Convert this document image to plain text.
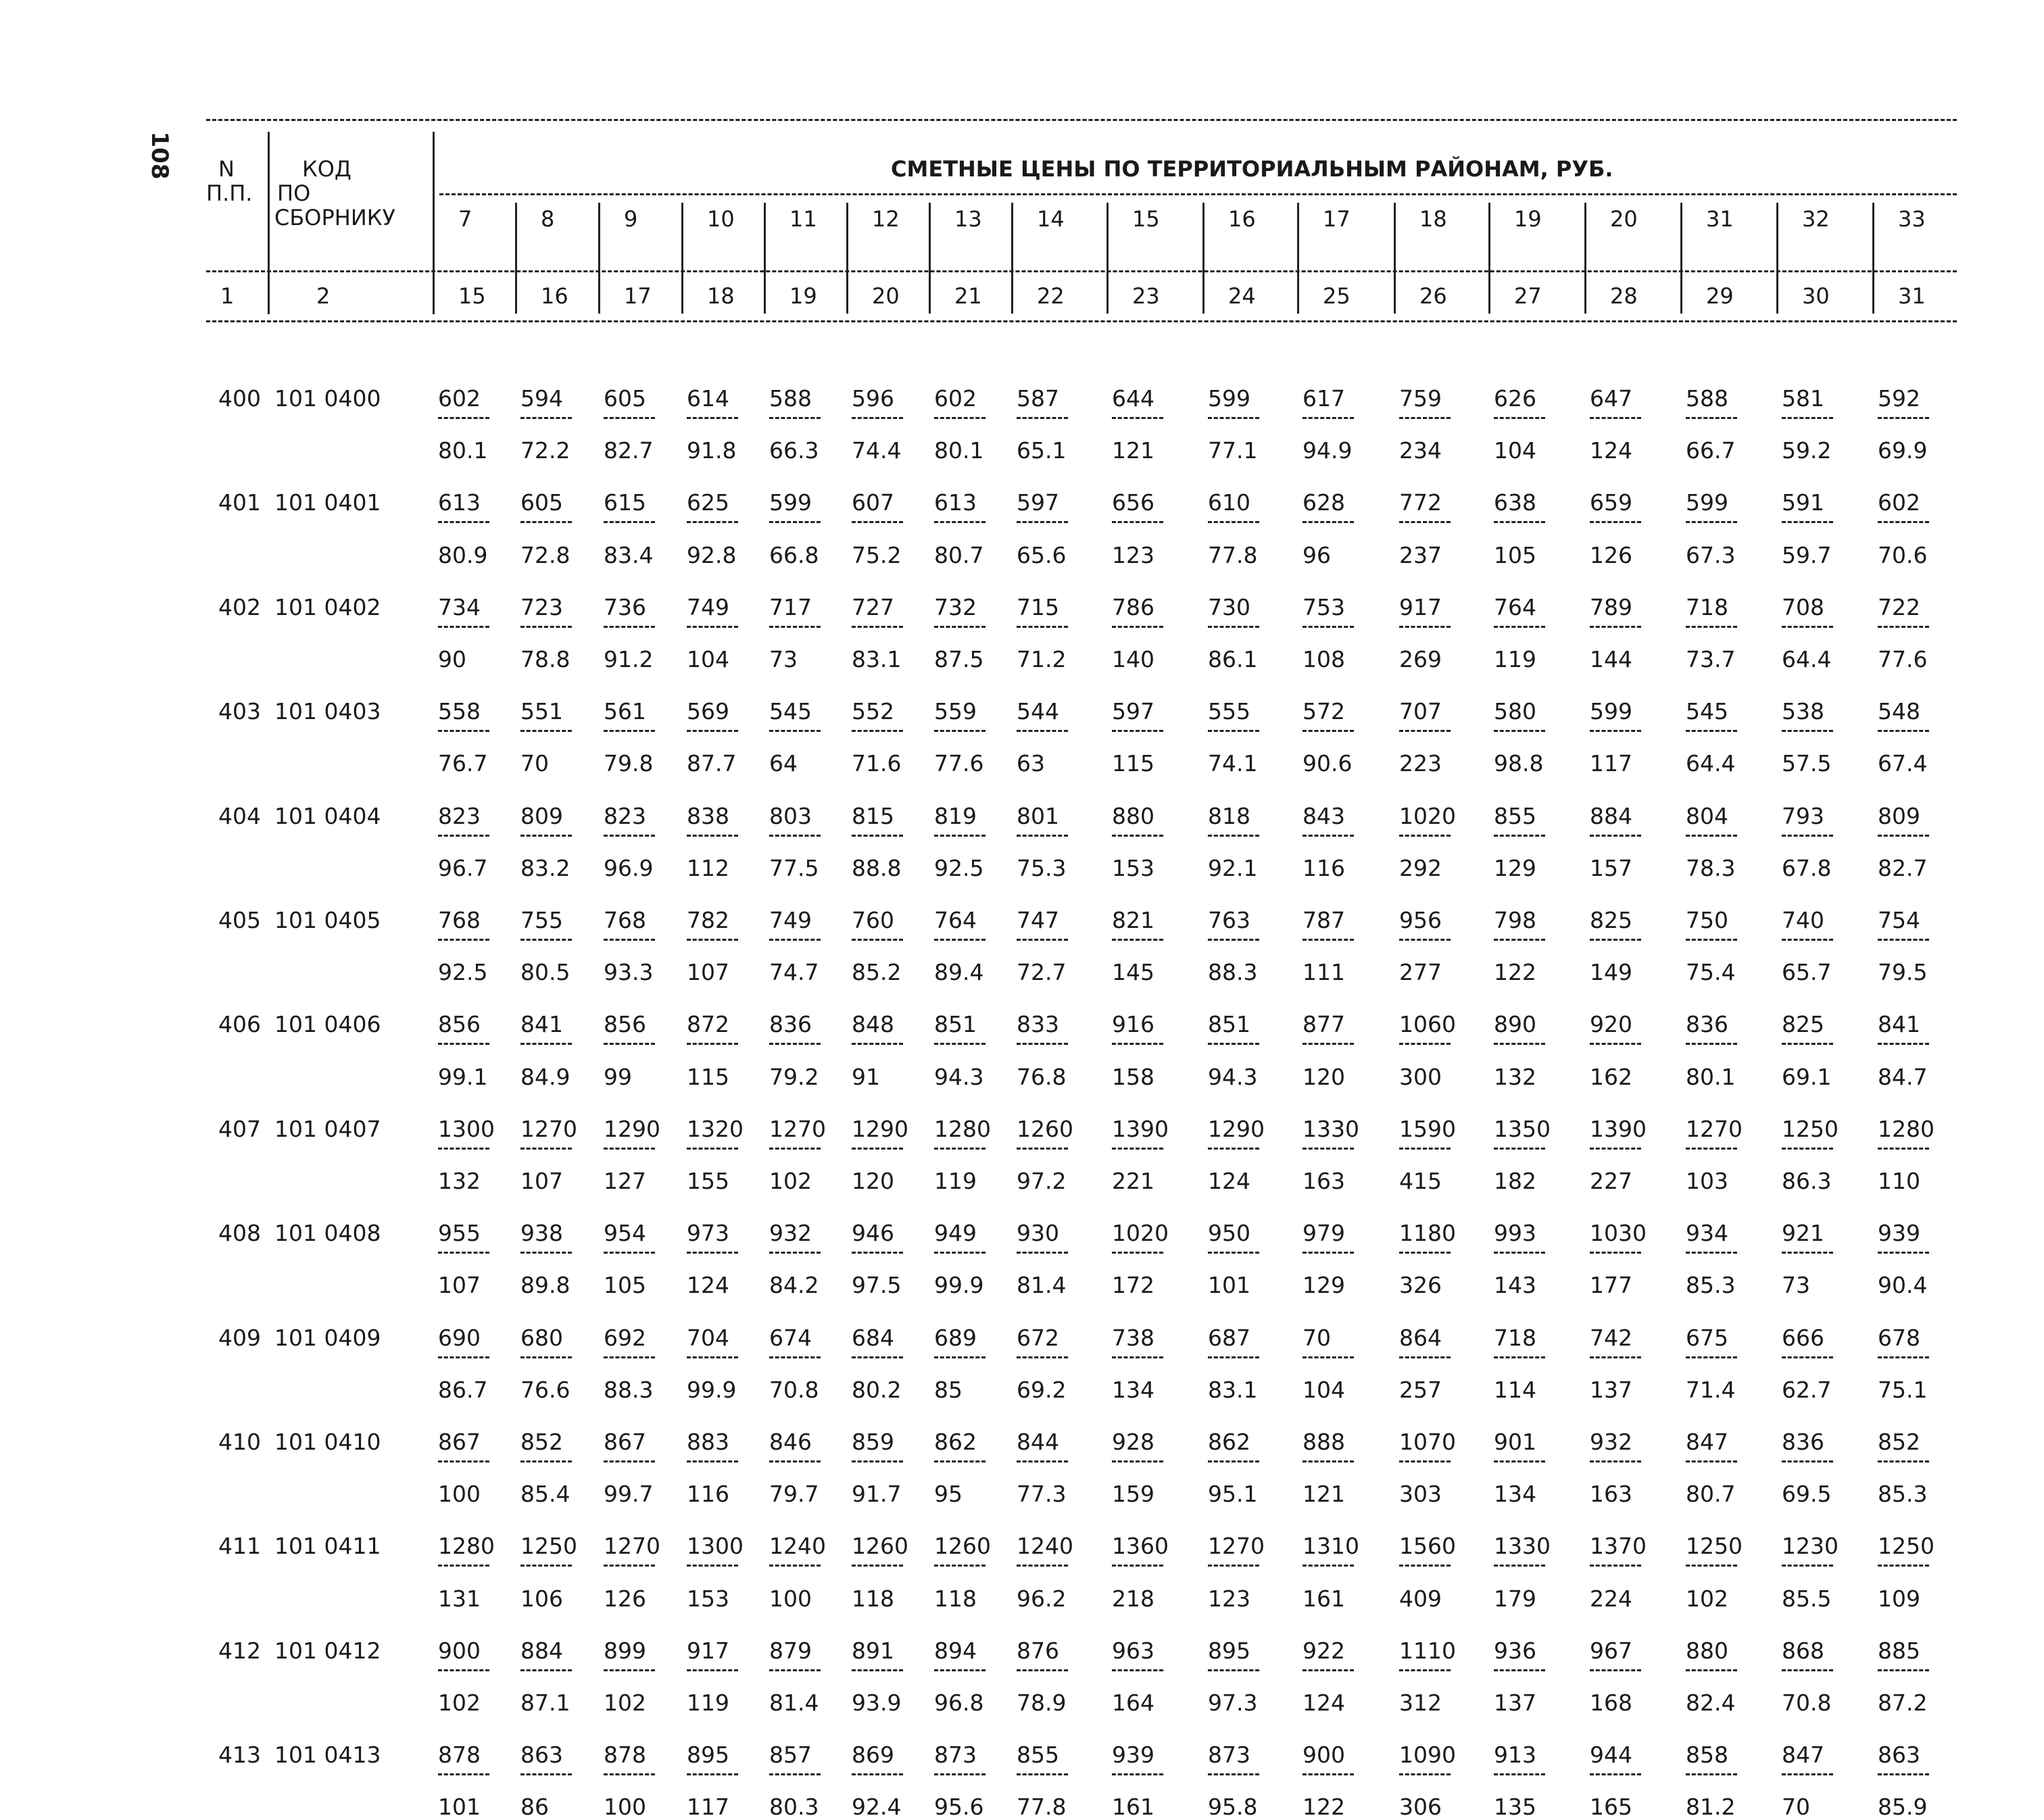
108 N
П.П.
КОД
ПО
СБОРНИКУ
СМЕТНЫЕ ЦЕНЫ ПО ТЕРРИТОРИАЛЬНЫМ РАЙОНАМ, РУБ.
7	8	9	10	11	12	13	14	15	16	17	18	19	20	31	32	33
1	2	15	16	17	18	19	20	21	22	23	24	25	26	27	28	29	30	31
400 101 0400	602 594 605 614 588 596 602 587 644 599 617 759 626 647 588 581 592
80.1 72.2 82.7 91.8 66.3 74.4 80.1 65.1 121 77.1 94.9 234 104 124 66.7 59.2 69.9
401 101 0401	613 605 615 625 599 607 613 597 656 610 628 772 638 659 599 591 602
80.9 72.8 83.4 92.8 66.8 75.2 80.7 65.6 123 77.8 96	237 105 126 67.3 59.7 70.6
402 101 0402	734 723 736 749 717 727 732 715 786 730 753 917 764 789 718 708 722
90 78.8 91.2 104 73 83.1 87.5 71.2 140 86.1 108 269 119 144 73.7 64.4 77.6
403 101 0403	558 551 561 569 545 552 559 544 597 555 572 707 580 599 545 538 548
76.7 70 79.8 87.7 64 71.6 77.6 63	115 74.1 90.6 223 98.8 117 64.4 57.5 67.4
404 101 0404	823 809 823 838 803 815 819 801 880 818 843 1020 855 884 804 793 809
96.7 83.2 96.9 112 77.5 88.8 92.5 75.3 153 92.1 116 292 129 157 78.3 67.8 82.7
405 101 0405	768 755 768 782 749 760 764 747 821 763 787 956 798 825 750 740 754
92.5 80.5 93.3 107 74.7 85.2 89.4 72.7 145 88.3 111 277 122 149 75.4 65.7 79.5
406 101 0406	856 841 856 872 836 848 851 833 916 851 877 1060 890 920 836 825 841
99.1 84.9 99 115 79.2 91 94.3 76.8 158 94.3 120 300 132 162 80.1 69.1 84.7
407 101 0407	1300 1270 1290 1320 1270 1290 1280 1260 1390 1290 1330 1590 1350 1390 1270 1250 1280
132 107 127 155 102 120 119 97.2 221 124 163 415 182 227 103 86.3 110
408 101 0408	955 938 954 973 932 946 949 930 1020 950 979 1180 993 1030 934 921 939
107 89.8 105 124 84.2 97.5 99.9 81.4 172 101 129 326 143 177 85.3 73	90.4
409 101 0409	690 680 692 704 674 684 689 672 738 687 70	864 718 742 675 666 678
86.7 76.6 88.3 99.9 70.8 80.2 85 69.2 134 83.1 104 257 114 137 71.4 62.7 75.1
410 101 0410	867 852 867 883 846 859 862 844 928 862 888 1070 901 932 847 836 852
100 85.4 99.7 116 79.7 91.7 95 77.3 159 95.1 121 303 134 163 80.7 69.5 85.3
411 101 0411	1280 1250 1270 1300 1240 1260 1260 1240 1360 1270 1310 1560 1330 1370 1250 1230 1250
131 106 126 153 100 118 118 96.2 218 123 161 409 179 224 102 85.5 109
412 101 0412	900 884 899 917 879 891 894 876 963 895 922 1110 936 967 880 868 885
102 87.1 102 119 81.4 93.9 96.8 78.9 164 97.3 124 312 137 168 82.4 70.8 87.2
413 101 0413	878 863 878 895 857 869 873 855 939 873 900 1090 913 944 858 847 863
101 86 100 117 80.3 92.4 95.6 77.8 161 95.8 122 306 135 165 81.2 70	85.9
